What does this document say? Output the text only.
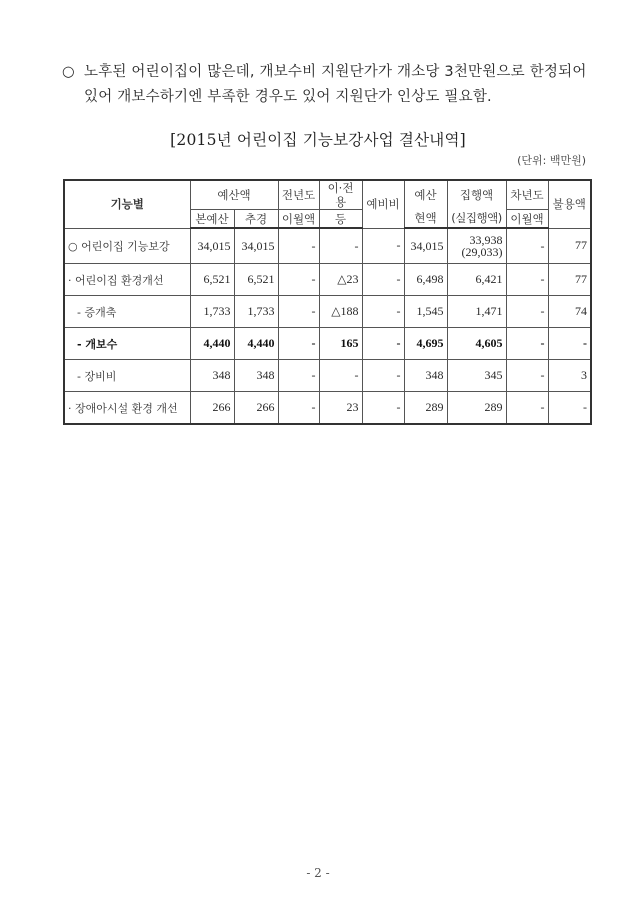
○ 노후된 어린이집이 많은데, 개보수비 지원단가가 개소당 3천만원으로 한정되어
있어 개보수하기엔 부족한 경우도 있어 지원단가 인상도 필요함.
[2015년 어린이집 기능보강사업 결산내역]
(단위: 백만원)
기능별	예산액		전년도	이·전용	예비비	예산	집행액	차년도	불용액
	본예산	추경	이월액	등		현액	(실집행액)	이월액	
○ 어린이집 기능보강	34,015	34,015	-	-	-	34,015	33,938
(29,033)	-	77
· 어린이집 환경개선	6,521	6,521	-	△23	-	6,498	6,421	-	77
- 증개축	1,733	1,733	-	△188	-	1,545	1,471	-	74
- 개보수	4,440	4,440	-	165	-	4,695	4,605	-	-
- 장비비	348	348	-	-	-	348	345	-	3
· 장애아시설 환경 개선	266	266	-	23	-	289	289	-	-
- 2 -
